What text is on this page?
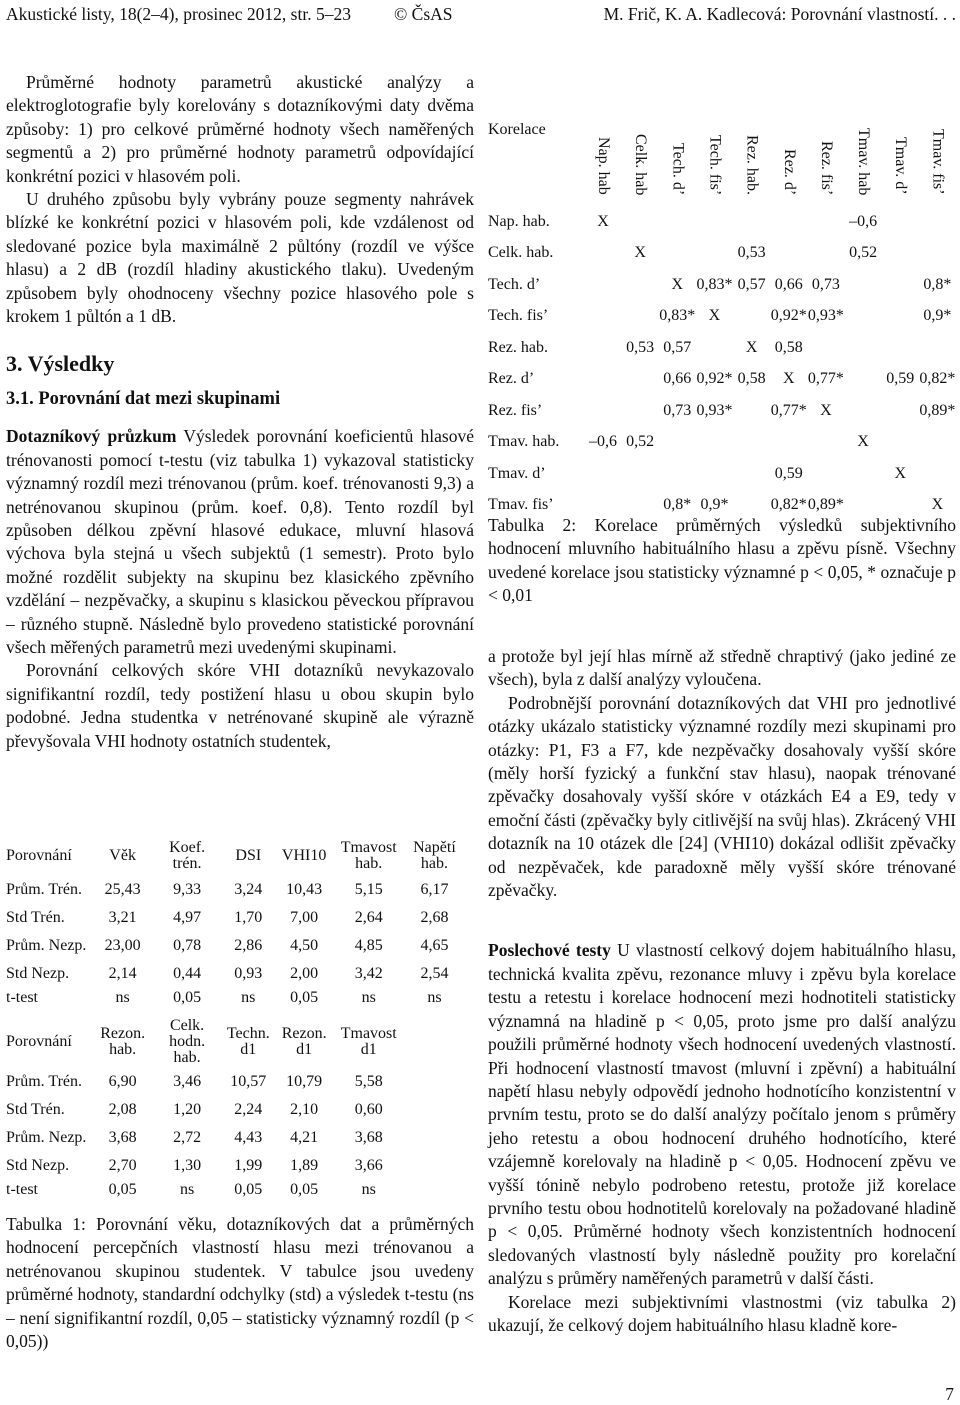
Akustické listy, 18(2–4), prosinec 2012, str. 5–23	© ČsAS	M. Frič, K. A. Kadlecová: Porovnání vlastností. . .

Průměrné hodnoty parametrů akustické analýzy a elektroglotografie byly korelovány s dotazníkovými daty dvěma způsoby: 1) pro celkové průměrné hodnoty všech naměřených segmentů a 2) pro průměrné hodnoty parametrů odpovídající konkrétní pozici v hlasovém poli.

U druhého způsobu byly vybrány pouze segmenty nahrávek blízké ke konkrétní pozici v hlasovém poli, kde vzdálenost od sledované pozice byla maximálně 2 půltóny (rozdíl ve výšce hlasu) a 2 dB (rozdíl hladiny akustického tlaku). Uvedeným způsobem byly ohodnoceny všechny pozice hlasového pole s krokem 1 půltón a 1 dB.

3. Výsledky
3.1. Porovnání dat mezi skupinami

Dotazníkový průzkum Výsledek porovnání koeficientů hlasové trénovanosti pomocí t-testu (viz tabulka 1) vykazoval statisticky významný rozdíl mezi trénovanou (prům. koef. trénovanosti 9,3) a netrénovanou skupinou (prům. koef. 0,8). Tento rozdíl byl způsoben délkou zpěvní hlasové edukace, mluvní hlasová výchova byla stejná u všech subjektů (1 semestr). Proto bylo možné rozdělit subjekty na skupinu bez klasického zpěvního vzdělání – nezpěvačky, a skupinu s klasickou pěveckou přípravou – různého stupně. Následně bylo provedeno statistické porovnání všech měřených parametrů mezi uvedenými skupinami.

Porovnání celkových skóre VHI dotazníků nevykazovalo signifikantní rozdíl, tedy postižení hlasu u obou skupin bylo podobné. Jedna studentka v netrénované skupině ale výrazně převyšovala VHI hodnoty ostatních studentek,

Porovnání	Věk	Koef. trén.	DSI	VHI10	Tmavost hab.	Napětí hab.
Prům. Trén.	25,43	9,33	3,24	10,43	5,15	6,17
Std Trén.	3,21	4,97	1,70	7,00	2,64	2,68
Prům. Nezp.	23,00	0,78	2,86	4,50	4,85	4,65
Std Nezp.	2,14	0,44	0,93	2,00	3,42	2,54
t-test	ns	0,05	ns	0,05	ns	ns

Porovnání	Rezon. hab.	Celk. hodn. hab.	Techn. d1	Rezon. d1	Tmavost d1	
Prům. Trén.	6,90	3,46	10,57	10,79	5,58	
Std Trén.	2,08	1,20	2,24	2,10	0,60	
Prům. Nezp.	3,68	2,72	4,43	4,21	3,68	
Std Nezp.	2,70	1,30	1,99	1,89	3,66	
t-test	0,05	ns	0,05	0,05	ns	
Tabulka 1: Porovnání věku, dotazníkových dat a průměrných hodnocení percepčních vlastností hlasu mezi trénovanou a netrénovanou skupinou studentek. V tabulce jsou uvedeny průměrné hodnoty, standardní odchylky (std) a výsledek t-testu (ns – není signifikantní rozdíl, 0,05 – statisticky významný rozdíl (p < 0,05))
Korelace	Nap. hab	Celk. hab	Tech. d’	Tech. fis’	Rez. hab.	Rez. d’	Rez. fis’	Tmav. hab	Tmav. d’	Tmav. fis’
Nap. hab.	X							–0,6		
Celk. hab.		X			0,53			0,52		
Tech. d’			X	0,83*	0,57	0,66	0,73			0,8*
Tech. fis’			0,83*	X		0,92*	0,93*			0,9*
Rez. hab.		0,53	0,57		X	0,58				
Rez. d’			0,66	0,92*	0,58	X	0,77*		0,59	0,82*
Rez. fis’			0,73	0,93*		0,77*	X			0,89*
Tmav. hab.	–0,6	0,52						X		
Tmav. d’						0,59			X	
Tmav. fis’			0,8*	0,9*		0,82*	0,89*			X
Tabulka 2: Korelace průměrných výsledků subjektivního hodnocení mluvního habituálního hlasu a zpěvu písně. Všechny uvedené korelace jsou statisticky významné p < 0,05, * označuje p < 0,01

a protože byl její hlas mírně až středně chraptivý (jako jediné ze všech), byla z další analýzy vyloučena.

Podrobnější porovnání dotazníkových dat VHI pro jednotlivé otázky ukázalo statisticky významné rozdíly mezi skupinami pro otázky: P1, F3 a F7, kde nezpěvačky dosahovaly vyšší skóre (měly horší fyzický a funkční stav hlasu), naopak trénované zpěvačky dosahovaly vyšší skóre v otázkách E4 a E9, tedy v emoční části (zpěvačky byly citlivější na svůj hlas). Zkrácený VHI dotazník na 10 otázek dle [24] (VHI10) dokázal odlišit zpěvačky od nezpěvaček, kde paradoxně měly vyšší skóre trénované zpěvačky.

Poslechové testy U vlastností celkový dojem habituálního hlasu, technická kvalita zpěvu, rezonance mluvy i zpěvu byla korelace testu a retestu i korelace hodnocení mezi hodnotiteli statisticky významná na hladině p < 0,05, proto jsme pro další analýzu použili průměrné hodnoty všech hodnocení uvedených vlastností. Při hodnocení vlastností tmavost (mluvní i zpěvní) a habituální napětí hlasu nebyly odpovědí jednoho hodnotícího konzistentní v prvním testu, proto se do další analýzy počítalo jenom s průměry jeho retestu a obou hodnocení druhého hodnotícího, které vzájemně korelovaly na hladině p < 0,05. Hodnocení zpěvu ve vyšší tónině nebylo podrobeno retestu, protože již korelace prvního testu obou hodnotitelů korelovaly na požadované hladině p < 0,05. Průměrné hodnoty všech konzistentních hodnocení sledovaných vlastností byly následně použity pro korelační analýzu s průměry naměřených parametrů v další části.

Korelace mezi subjektivními vlastnostmi (viz tabulka 2) ukazují, že celkový dojem habituálního hlasu kladně kore-

7
